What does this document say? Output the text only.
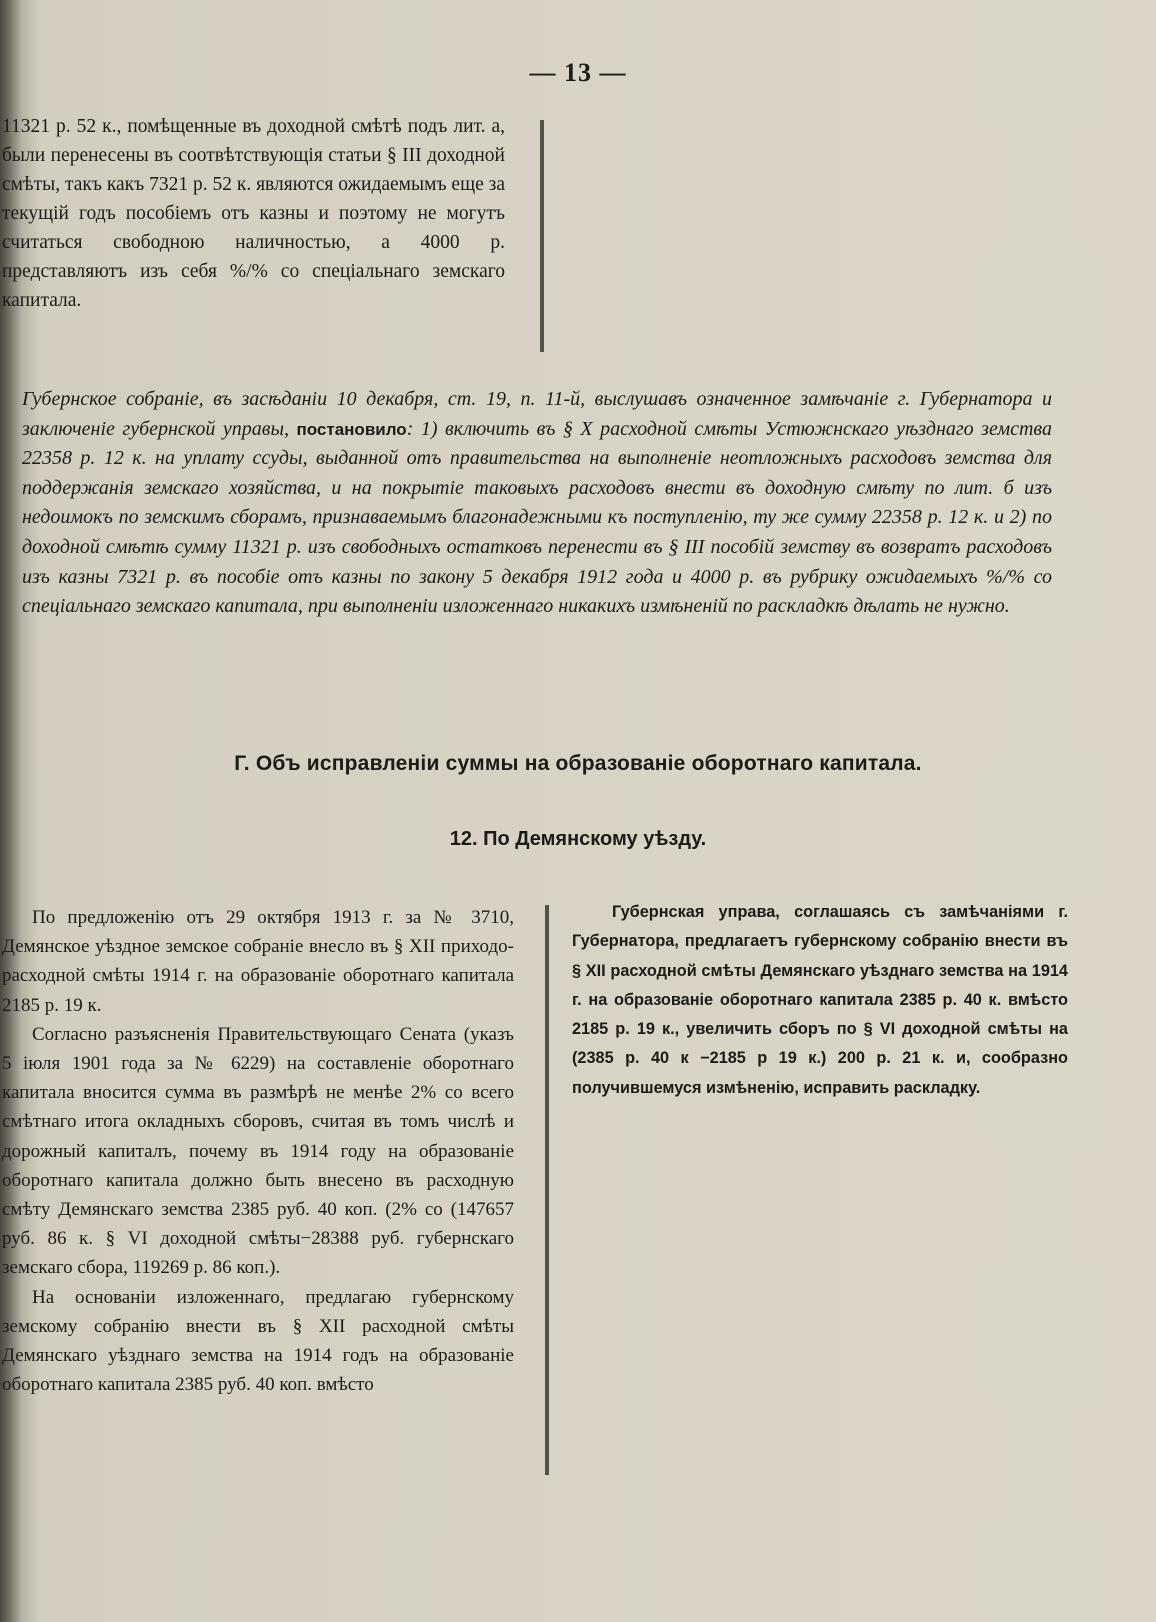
— 13 —

11321 р. 52 к., помѣщенные въ доходной смѣтѣ подъ лит. а, были перенесены въ соотвѣтствующія статьи § III доходной смѣты, такъ какъ 7321 р. 52 к. являются ожидаемымъ еще за текущій годъ пособіемъ отъ казны и поэтому не могутъ считаться свободною наличностью, а 4000 р. представляютъ изъ себя %/% со спеціальнаго земскаго капитала.

Губернское собраніе, въ засѣданіи 10 декабря, ст. 19, п. 11-й, выслушавъ означенное замѣчаніе г. Губернатора и заключеніе губернской управы, постановило: 1) включить въ § X расходной смѣты Устюжнскаго уѣзднаго земства 22358 р. 12 к. на уплату ссуды, выданной отъ правительства на выполненіе неотложныхъ расходовъ земства для поддержанія земскаго хозяйства, и на покрытіе таковыхъ расходовъ внести въ доходную смѣту по лит. б изъ недоимокъ по земскимъ сборамъ, признаваемымъ благонадежными къ поступленію, ту же сумму 22358 р. 12 к. и 2) по доходной смѣтѣ сумму 11321 р. изъ свободныхъ остатковъ перенести въ § III пособій земству въ возвратъ расходовъ изъ казны 7321 р. въ пособіе отъ казны по закону 5 декабря 1912 года и 4000 р. въ рубрику ожидаемыхъ %/% со спеціальнаго земскаго капитала, при выполненіи изложеннаго никакихъ измѣненій по раскладкѣ дѣлать не нужно.
Г. Объ исправленіи суммы на образованіе оборотнаго капитала.
12. По Демянскому уѣзду.

По предложенію отъ 29 октября 1913 г. за № 3710, Демянское уѣздное земское собраніе внесло въ § XII приходо-расходной смѣты 1914 г. на образованіе оборотнаго капитала 2185 р. 19 к.

Согласно разъясненія Правительствующаго Сената (указъ 5 іюля 1901 года за № 6229) на составленіе оборотнаго капитала вносится сумма въ размѣрѣ не менѣе 2% со всего смѣтнаго итога окладныхъ сборовъ, считая въ томъ числѣ и дорожный капиталъ, почему въ 1914 году на образованіе оборотнаго капитала должно быть внесено въ расходную смѣту Демянскаго земства 2385 руб. 40 коп. (2% со (147657 руб. 86 к. § VI доходной смѣты−28388 руб. губернскаго земскаго сбора, 119269 р. 86 коп.).

На основаніи изложеннаго, предлагаю губернскому земскому собранію внести въ § XII расходной смѣты Демянскаго уѣзднаго земства на 1914 годъ на образованіе оборотнаго капитала 2385 руб. 40 коп. вмѣсто

Губернская управа, соглашаясь съ замѣчаніями г. Губернатора, предлагаетъ губернскому собранію внести въ § XII расходной смѣты Демянскаго уѣзднаго земства на 1914 г. на образованіе оборотнаго капитала 2385 р. 40 к. вмѣсто 2185 р. 19 к., увеличить сборъ по § VI доходной смѣты на (2385 р. 40 к −2185 р 19 к.) 200 р. 21 к. и, сообразно получившемуся измѣненію, исправить раскладку.
